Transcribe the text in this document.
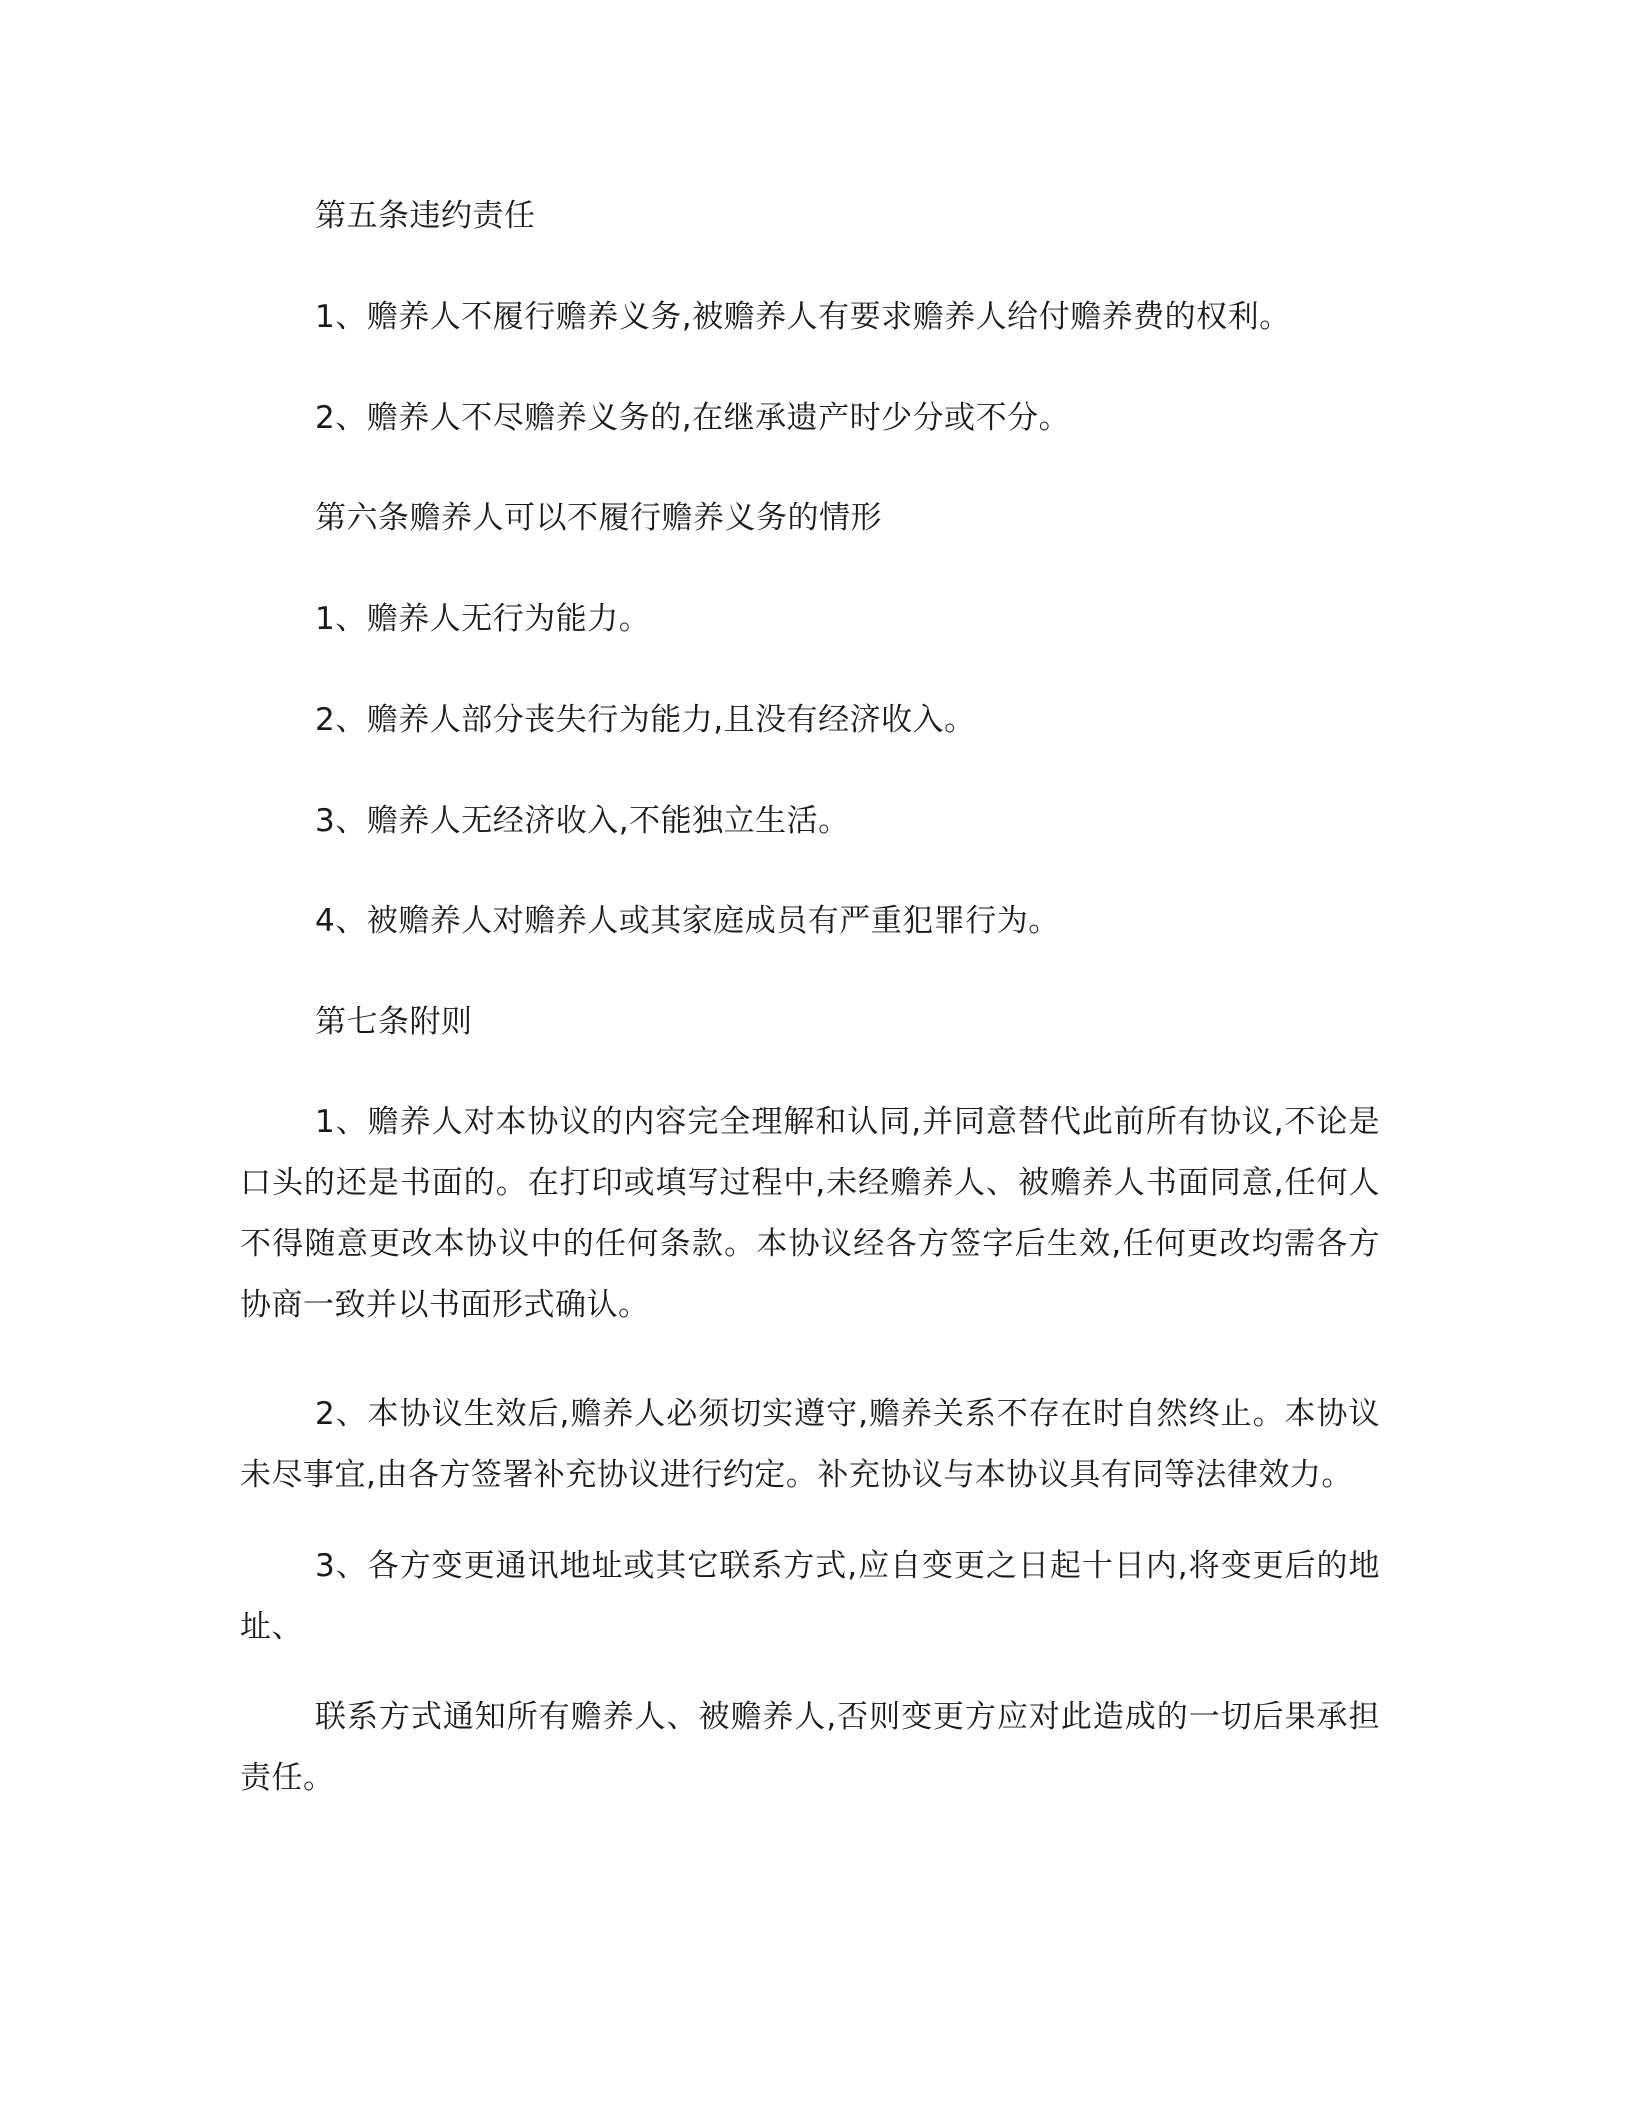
第五条违约责任

1、赡养人不履行赡养义务,被赡养人有要求赡养人给付赡养费的权利。

2、赡养人不尽赡养义务的,在继承遗产时少分或不分。

第六条赡养人可以不履行赡养义务的情形

1、赡养人无行为能力。

2、赡养人部分丧失行为能力,且没有经济收入。

3、赡养人无经济收入,不能独立生活。

4、被赡养人对赡养人或其家庭成员有严重犯罪行为。

第七条附则

1、赡养人对本协议的内容完全理解和认同,并同意替代此前所有协议,不论是口头的还是书面的。在打印或填写过程中,未经赡养人、被赡养人书面同意,任何人不得随意更改本协议中的任何条款。本协议经各方签字后生效,任何更改均需各方协商一致并以书面形式确认。

2、本协议生效后,赡养人必须切实遵守,赡养关系不存在时自然终止。本协议未尽事宜,由各方签署补充协议进行约定。补充协议与本协议具有同等法律效力。

3、各方变更通讯地址或其它联系方式,应自变更之日起十日内,将变更后的地址、

联系方式通知所有赡养人、被赡养人,否则变更方应对此造成的一切后果承担责任。
